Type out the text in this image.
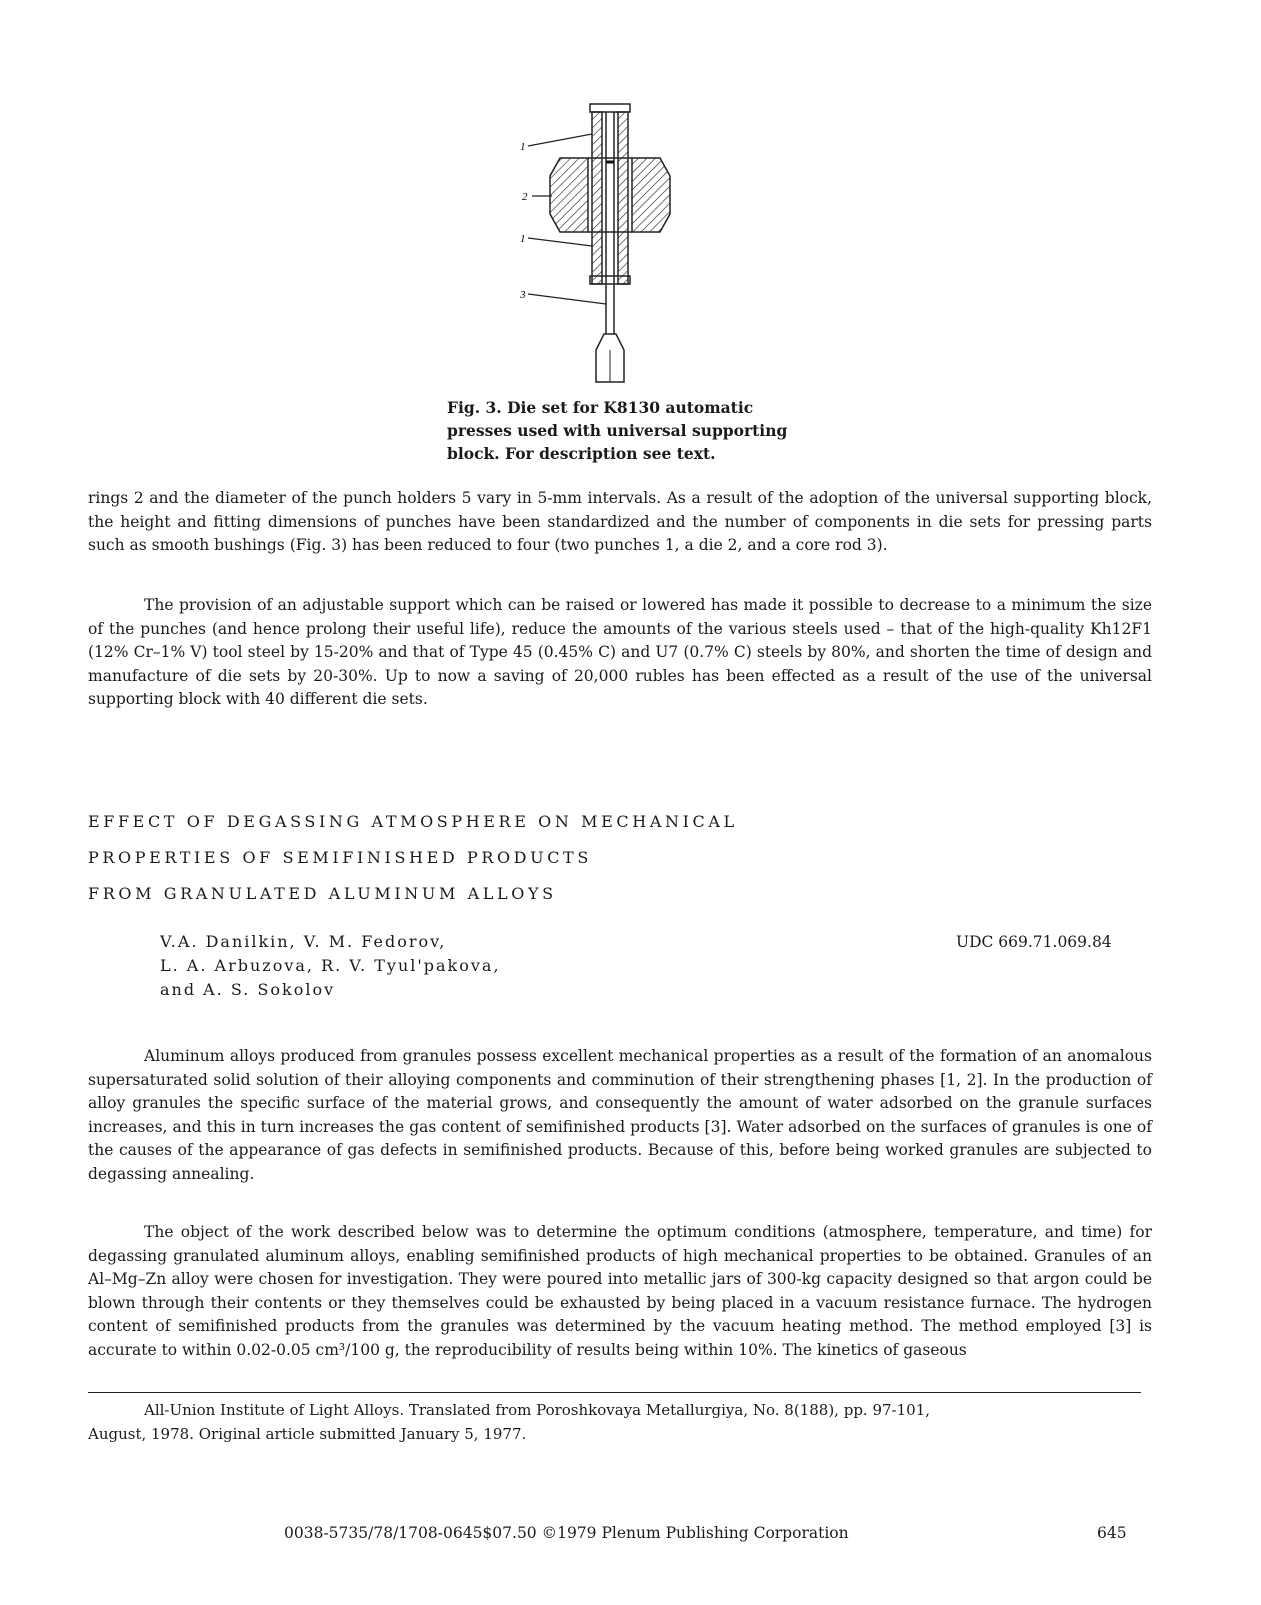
1
2
1
3
Fig. 3. Die set for K8130 automatic
presses used with universal supporting
block. For description see text.

rings 2 and the diameter of the punch holders 5 vary in 5-mm intervals. As a result of the adoption of the universal supporting block, the height and fitting dimensions of punches have been standardized and the number of components in die sets for pressing parts such as smooth bushings (Fig. 3) has been reduced to four (two punches 1, a die 2, and a core rod 3).

The provision of an adjustable support which can be raised or lowered has made it possible to decrease to a minimum the size of the punches (and hence prolong their useful life), reduce the amounts of the various steels used – that of the high-quality Kh12F1 (12% Cr–1% V) tool steel by 15-20% and that of Type 45 (0.45% C) and U7 (0.7% C) steels by 80%, and shorten the time of design and manufacture of die sets by 20-30%. Up to now a saving of 20,000 rubles has been effected as a result of the use of the universal supporting block with 40 different die sets.

EFFECT OF DEGASSING ATMOSPHERE ON MECHANICAL
PROPERTIES OF SEMIFINISHED PRODUCTS
FROM GRANULATED ALUMINUM ALLOYS
V.A. Danilkin, V. M. Fedorov,
L. A. Arbuzova, R. V. Tyul'pakova,
and A. S. Sokolov

UDC 669.71.069.84

Aluminum alloys produced from granules possess excellent mechanical properties as a result of the formation of an anomalous supersaturated solid solution of their alloying components and comminution of their strengthening phases [1, 2]. In the production of alloy granules the specific surface of the material grows, and consequently the amount of water adsorbed on the granule surfaces increases, and this in turn increases the gas content of semifinished products [3]. Water adsorbed on the surfaces of granules is one of the causes of the appearance of gas defects in semifinished products. Because of this, before being worked granules are subjected to degassing annealing.

The object of the work described below was to determine the optimum conditions (atmosphere, temperature, and time) for degassing granulated aluminum alloys, enabling semifinished products of high mechanical properties to be obtained. Granules of an Al–Mg–Zn alloy were chosen for investigation. They were poured into metallic jars of 300-kg capacity designed so that argon could be blown through their contents or they themselves could be exhausted by being placed in a vacuum resistance furnace. The hydrogen content of semifinished products from the granules was determined by the vacuum heating method. The method employed [3] is accurate to within 0.02-0.05 cm³/100 g, the reproducibility of results being within 10%. The kinetics of gaseous

All-Union Institute of Light Alloys. Translated from Poroshkovaya Metallurgiya, No. 8(188), pp. 97-101,
August, 1978. Original article submitted January 5, 1977.

0038-5735/78/1708-0645$07.50 ©1979 Plenum Publishing Corporation	645
